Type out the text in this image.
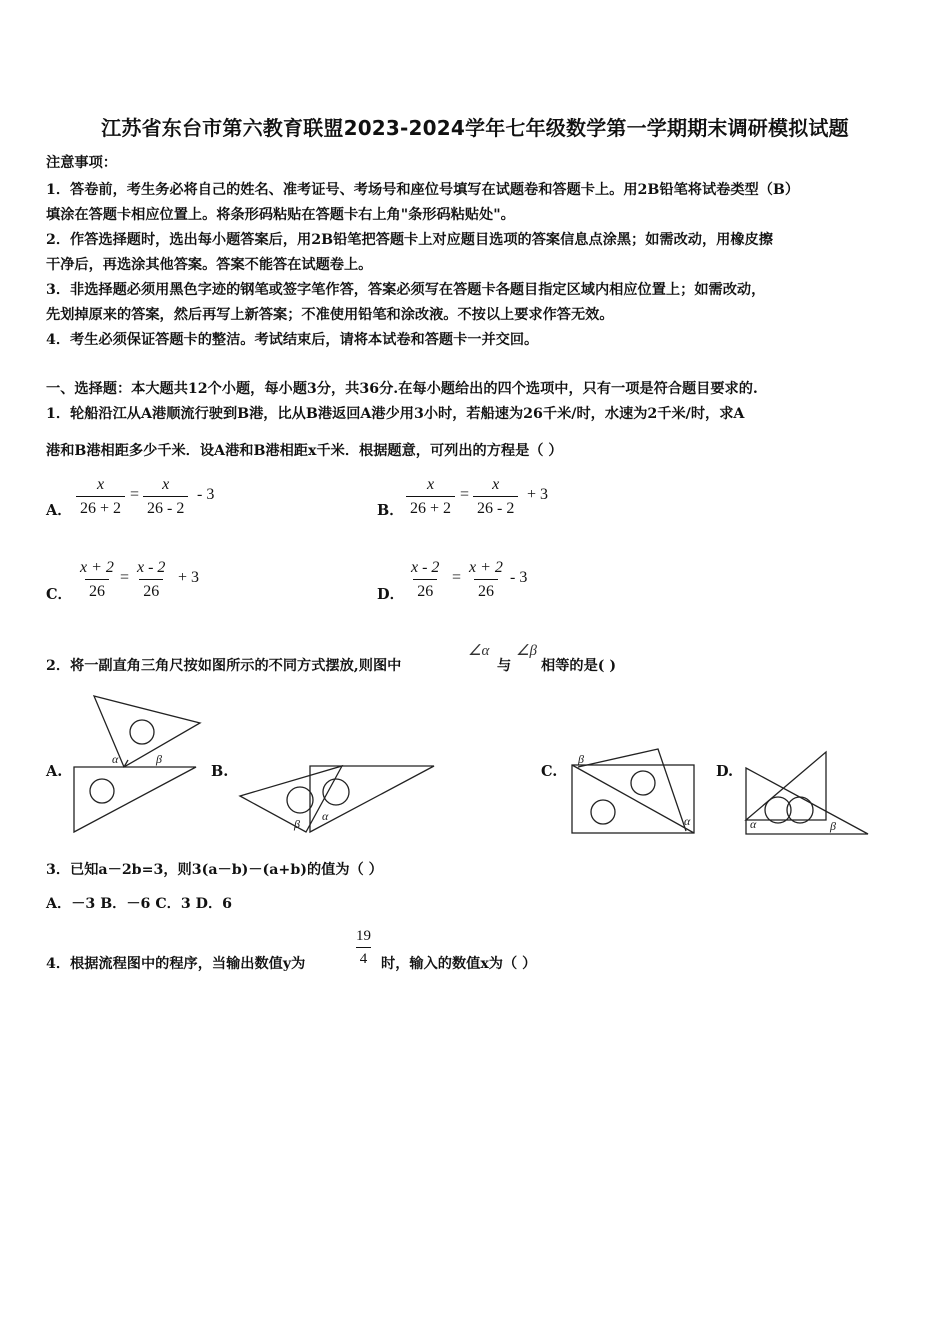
江苏省东台市第六教育联盟2023-2024学年七年级数学第一学期期末调研模拟试题
注意事项：
1．答卷前，考生务必将自己的姓名、准考证号、考场号和座位号填写在试题卷和答题卡上。用2B铅笔将试卷类型（B）
填涂在答题卡相应位置上。将条形码粘贴在答题卡右上角"条形码粘贴处"。
2．作答选择题时，选出每小题答案后，用2B铅笔把答题卡上对应题目选项的答案信息点涂黑；如需改动，用橡皮擦
干净后，再选涂其他答案。答案不能答在试题卷上。
3．非选择题必须用黑色字迹的钢笔或签字笔作答，答案必须写在答题卡各题目指定区域内相应位置上；如需改动，
先划掉原来的答案，然后再写上新答案；不准使用铅笔和涂改液。不按以上要求作答无效。
4．考生必须保证答题卡的整洁。考试结束后，请将本试卷和答题卡一并交回。
一、选择题：本大题共12个小题，每小题3分，共36分.在每小题给出的四个选项中，只有一项是符合题目要求的.
1．轮船沿江从A港顺流行驶到B港，比从B港返回A港少用3小时，若船速为26千米/时，水速为2千米/时，求A
港和B港相距多少千米．设A港和B港相距x千米．根据题意，可列出的方程是（ ）
A． $\frac{x}{26 + 2} = \frac{x}{26 - 2} - 3$
B． $\frac{x}{26 + 2} = \frac{x}{26 - 2} + 3$
C． $\frac{x + 2}{26} = \frac{x - 2}{26} + 3$
D． $\frac{x - 2}{26} = \frac{x + 2}{26} - 3$
2．将一副直角三角尺按如图所示的不同方式摆放,则图中
∠α
与
∠β
相等的是( )
A.	B.	C.	D.
α	β
β
α
β
α	α	β
3．已知a－2b=3，则3(a－b)－(a+b)的值为（ ）
A．－3 B．－6 C．3 D．6
4．根据流程图中的程序，当输出数值y为	$\frac{19}{4}$ 时，输入的数值x为（ ）
